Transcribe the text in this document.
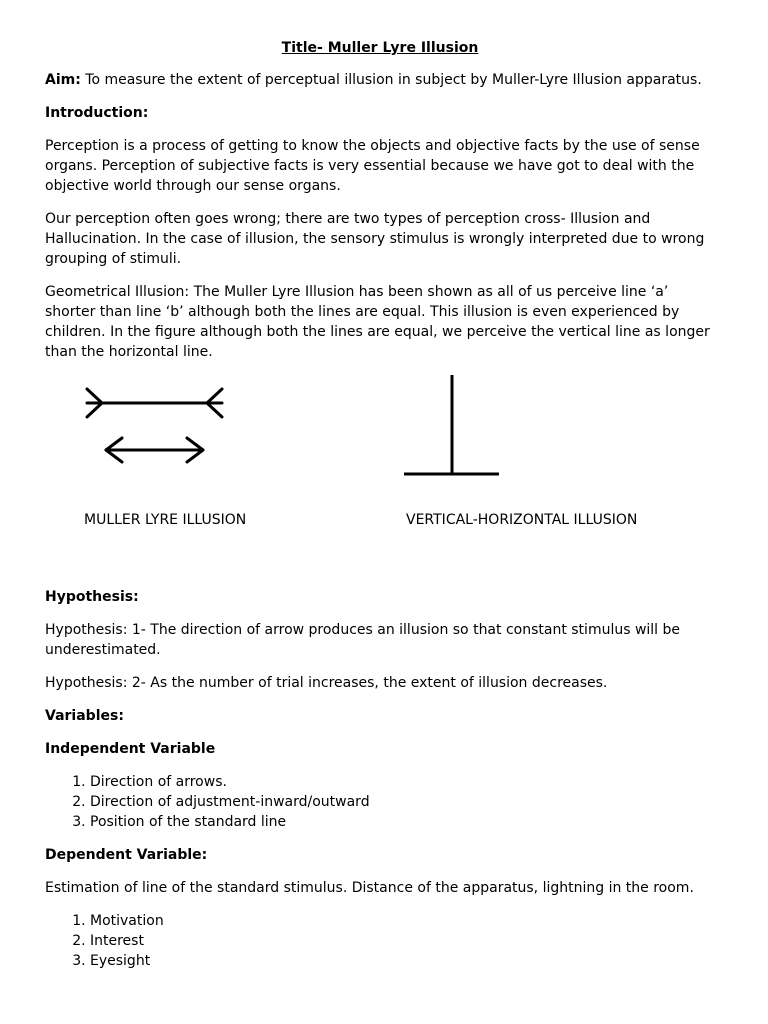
Title- Muller Lyre Illusion

Aim: To measure the extent of perceptual illusion in subject by Muller-Lyre Illusion apparatus.

Introduction:

Perception is a process of getting to know the objects and objective facts by the use of sense organs. Perception of subjective facts is very essential because we have got to deal with the objective world through our sense organs.

Our perception often goes wrong; there are two types of perception cross- Illusion and Hallucination. In the case of illusion, the sensory stimulus is wrongly interpreted due to wrong grouping of stimuli.

Geometrical Illusion: The Muller Lyre Illusion has been shown as all of us perceive line ‘a’ shorter than line ‘b’ although both the lines are equal. This illusion is even experienced by children. In the figure although both the lines are equal, we perceive the vertical line as longer than the horizontal line.

MULLER LYRE ILLUSION	VERTICAL-HORIZONTAL ILLUSION
Hypothesis:

Hypothesis: 1- The direction of arrow produces an illusion so that constant stimulus will be underestimated.

Hypothesis: 2- As the number of trial increases, the extent of illusion decreases.

Variables:
Independent Variable
1. Direction of arrows.
2. Direction of adjustment-inward/outward
3. Position of the standard line
Dependent Variable:

Estimation of line of the standard stimulus. Distance of the apparatus, lightning in the room.

1. Motivation
2. Interest
3. Eyesight
